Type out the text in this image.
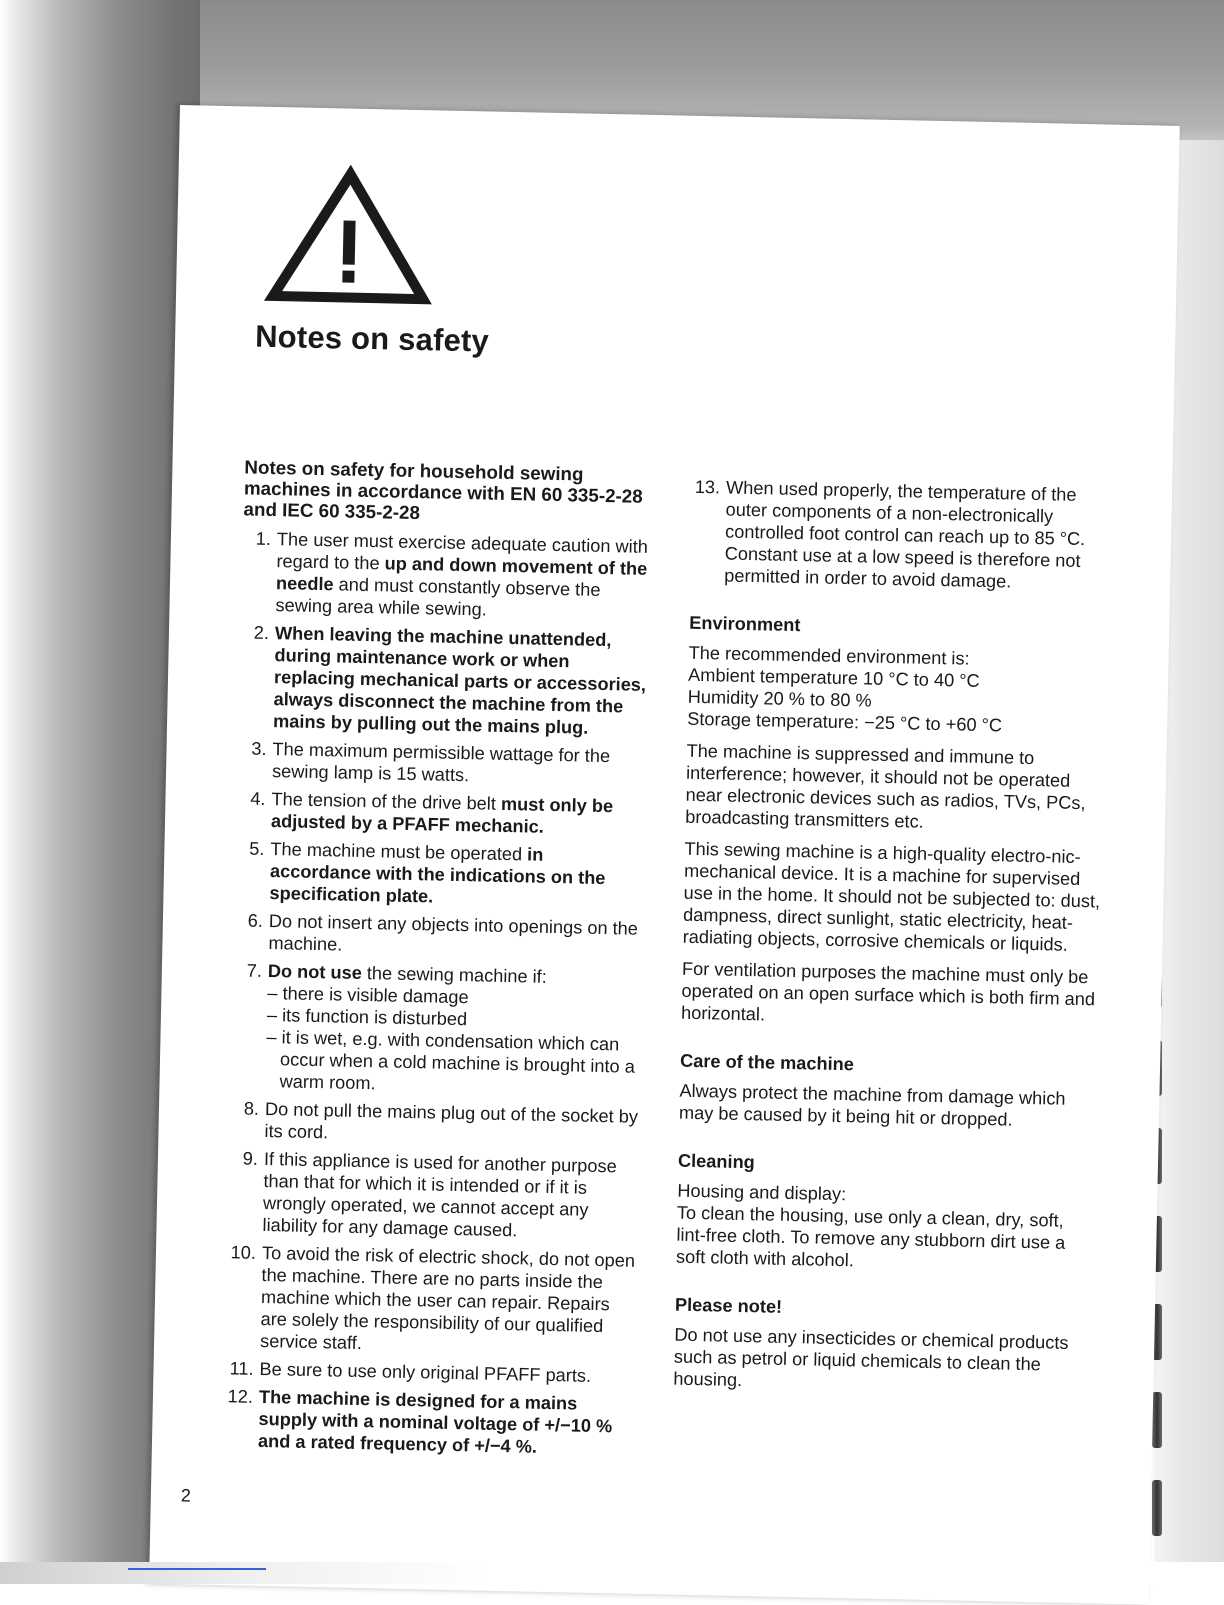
Notes on safety
Notes on safety for household sewing machines in accordance with EN 60 335-2-28 and IEC 60 335-2-28
1. The user must exercise adequate caution with regard to the up and down movement of the needle and must constantly observe the sewing area while sewing.
2. When leaving the machine unattended, during maintenance work or when replacing mechanical parts or accessories, always disconnect the machine from the mains by pulling out the mains plug.
3. The maximum permissible wattage for the sewing lamp is 15 watts.
4. The tension of the drive belt must only be adjusted by a PFAFF mechanic.
5. The machine must be operated in accordance with the indications on the specification plate.
6. Do not insert any objects into openings on the machine.
7. Do not use the sewing machine if:
– there is visible damage
– its function is disturbed
– it is wet, e.g. with condensation which can occur when a cold machine is brought into a warm room.
8. Do not pull the mains plug out of the socket by its cord.
9. If this appliance is used for another purpose than that for which it is intended or if it is wrongly operated, we cannot accept any liability for any damage caused.
10. To avoid the risk of electric shock, do not open the machine. There are no parts inside the machine which the user can repair. Repairs are solely the responsibility of our qualified service staff.
11. Be sure to use only original PFAFF parts.
12. The machine is designed for a mains supply with a nominal voltage of +/−10 % and a rated frequency of +/−4 %.
13. When used properly, the temperature of the outer components of a non-electronically controlled foot control can reach up to 85 °C. Constant use at a low speed is therefore not permitted in order to avoid damage.
Environment
The recommended environment is:
Ambient temperature 10 °C to 40 °C
Humidity 20 % to 80 %
Storage temperature: −25 °C to +60 °C
The machine is suppressed and immune to interference; however, it should not be operated near electronic devices such as radios, TVs, PCs, broadcasting transmitters etc.
This sewing machine is a high-quality electro-nic-mechanical device. It is a machine for supervised use in the home. It should not be subjected to: dust, dampness, direct sunlight, static electricity, heat-radiating objects, corrosive chemicals or liquids.
For ventilation purposes the machine must only be operated on an open surface which is both firm and horizontal.
Care of the machine
Always protect the machine from damage which may be caused by it being hit or dropped.
Cleaning
Housing and display:
To clean the housing, use only a clean, dry, soft, lint-free cloth. To remove any stubborn dirt use a soft cloth with alcohol.
Please note!
Do not use any insecticides or chemical products such as petrol or liquid chemicals to clean the housing.
2
